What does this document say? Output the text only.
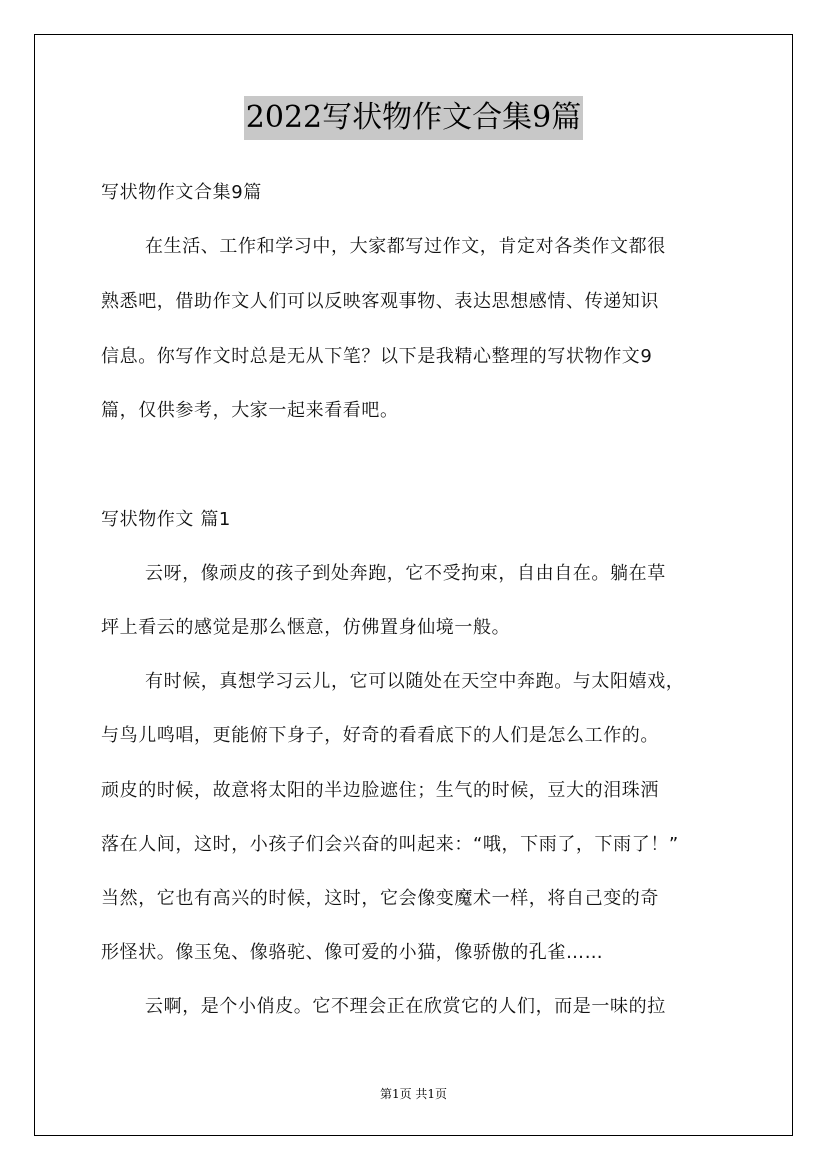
2022写状物作文合集9篇
写状物作文合集9篇
在生活、工作和学习中，大家都写过作文，肯定对各类作文都很
熟悉吧，借助作文人们可以反映客观事物、表达思想感情、传递知识
信息。你写作文时总是无从下笔？以下是我精心整理的写状物作文9
篇，仅供参考，大家一起来看看吧。
写状物作文 篇1
云呀，像顽皮的孩子到处奔跑，它不受拘束，自由自在。躺在草
坪上看云的感觉是那么惬意，仿佛置身仙境一般。
有时候，真想学习云儿，它可以随处在天空中奔跑。与太阳嬉戏，
与鸟儿鸣唱，更能俯下身子，好奇的看看底下的人们是怎么工作的。
顽皮的时候，故意将太阳的半边脸遮住；生气的时候，豆大的泪珠洒
落在人间，这时，小孩子们会兴奋的叫起来：“哦，下雨了，下雨了！”
当然，它也有高兴的时候，这时，它会像变魔术一样，将自己变的奇
形怪状。像玉兔、像骆驼、像可爱的小猫，像骄傲的孔雀……
云啊，是个小俏皮。它不理会正在欣赏它的人们，而是一味的拉
第1页 共1页
